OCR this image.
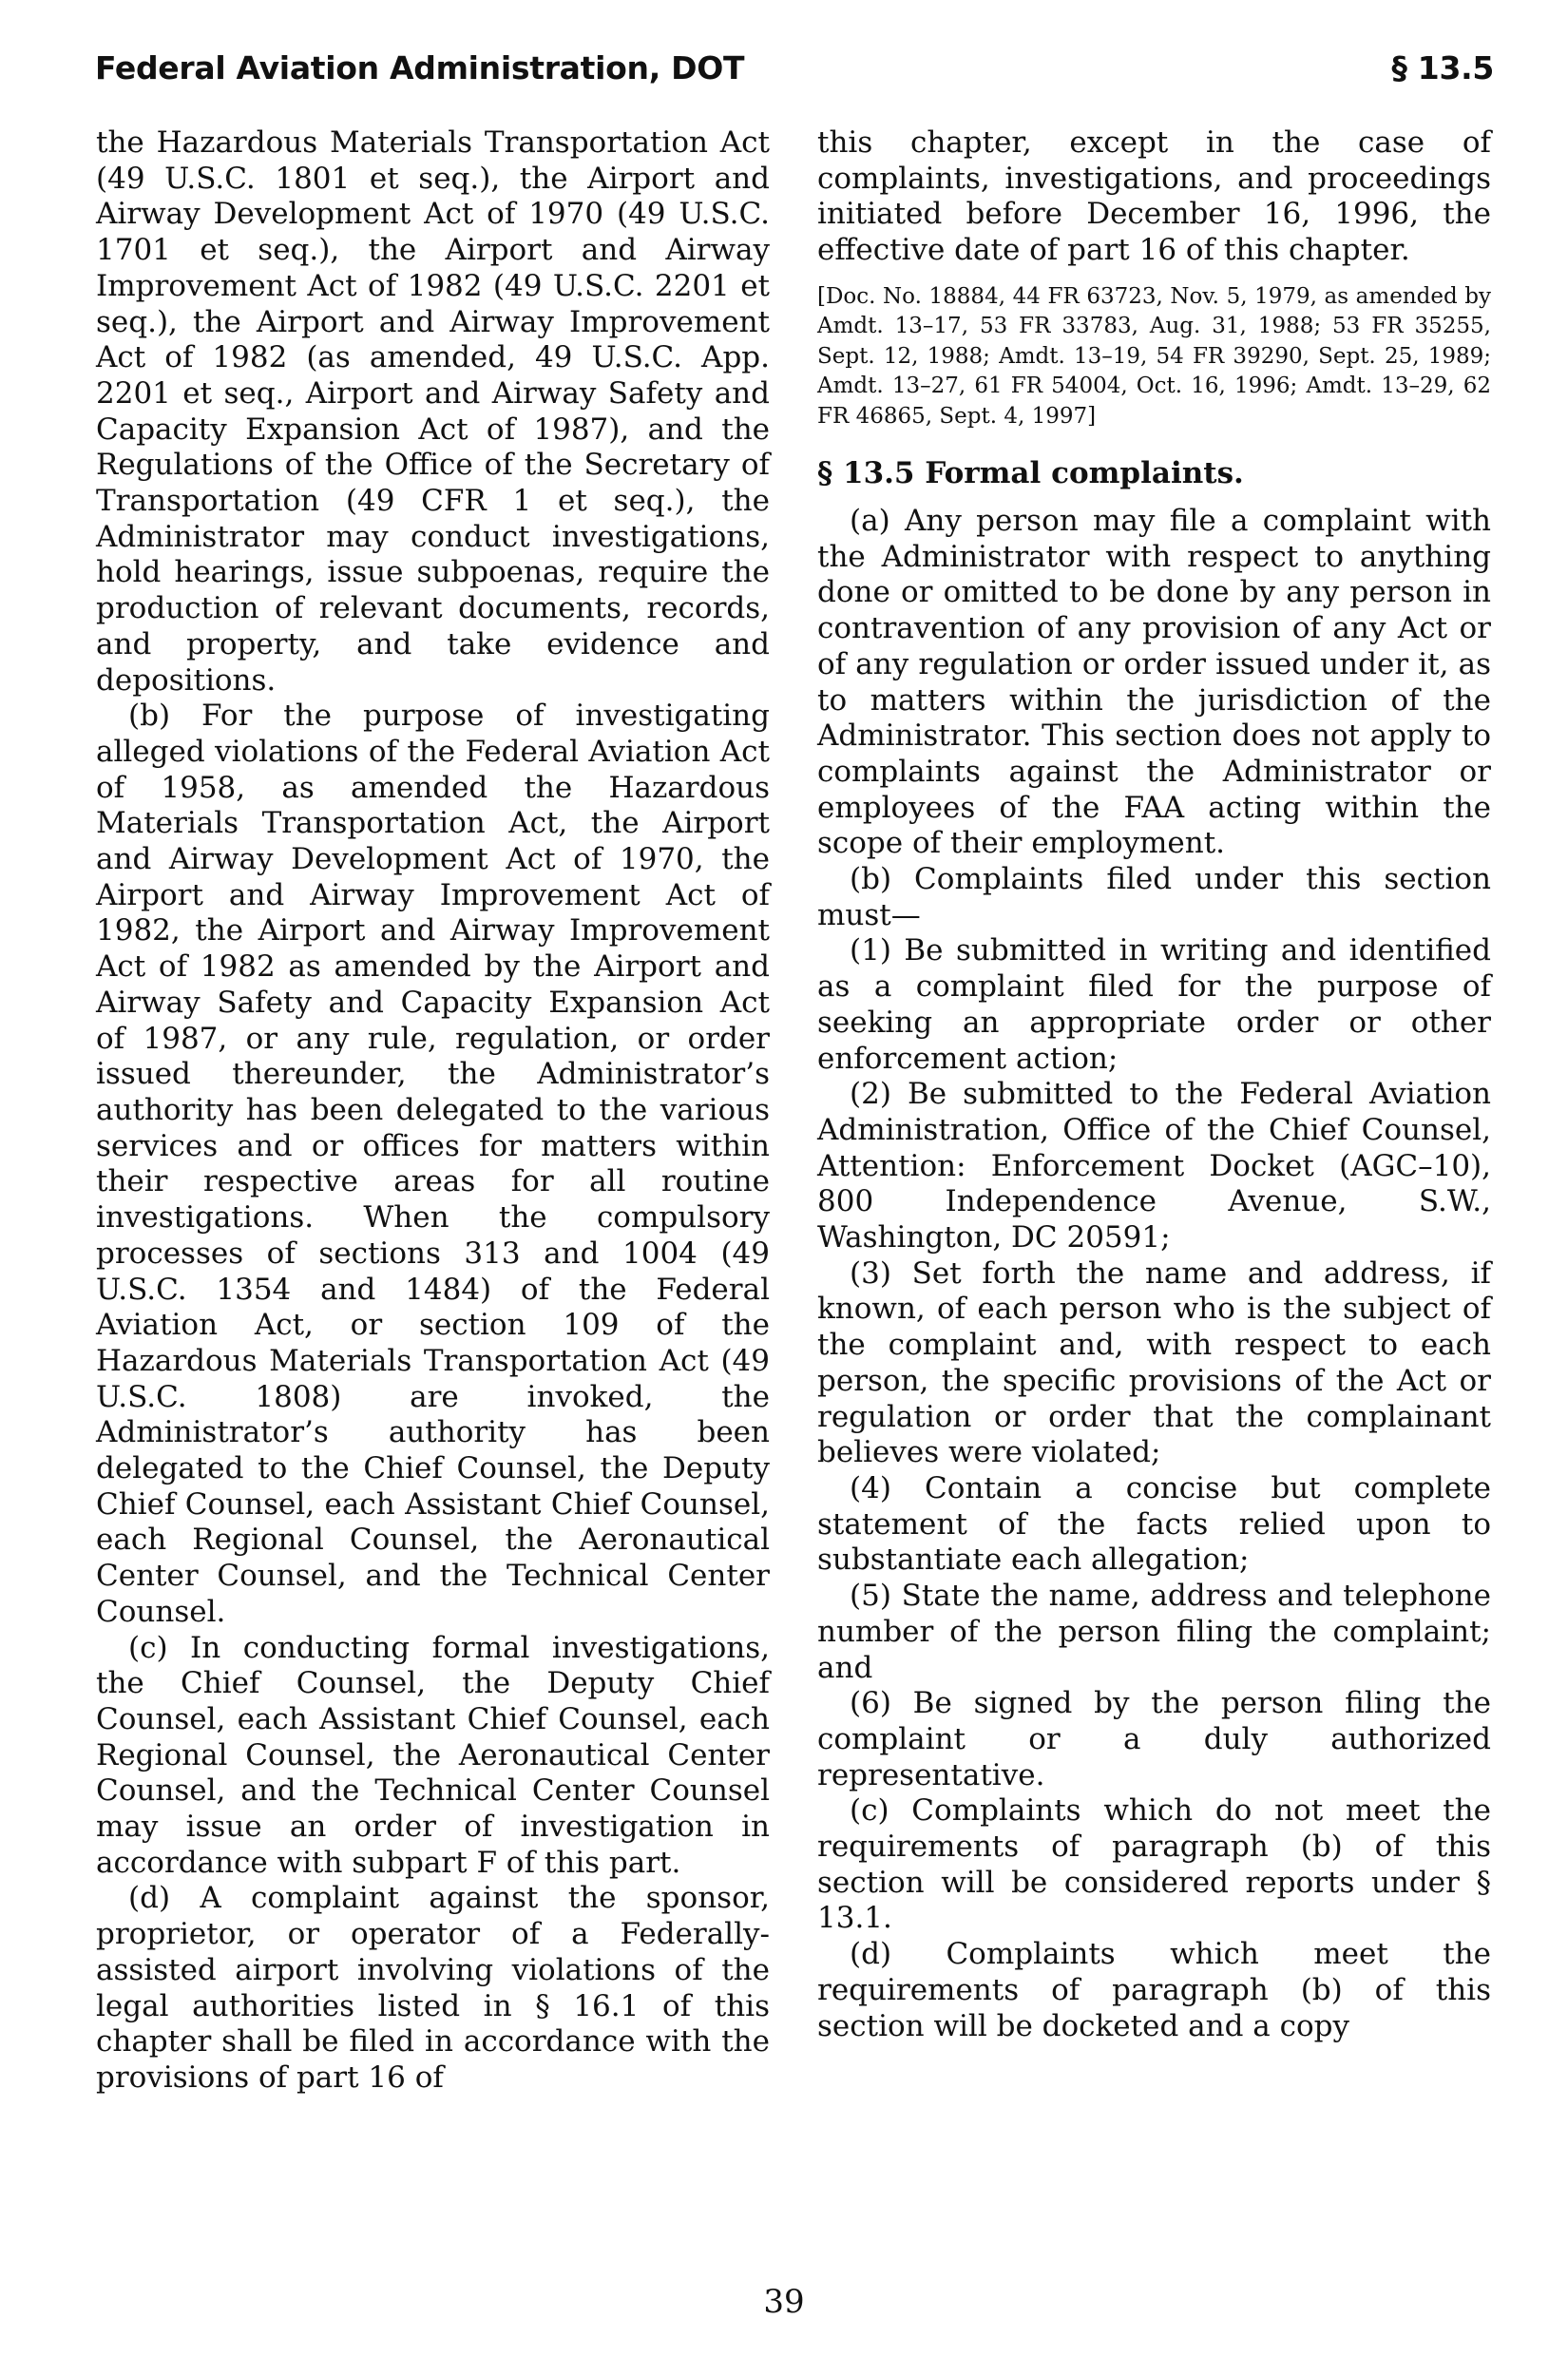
Federal Aviation Administration, DOT	§ 13.5

the Hazardous Materials Transportation Act (49 U.S.C. 1801 et seq.), the Airport and Airway Development Act of 1970 (49 U.S.C. 1701 et seq.), the Airport and Airway Improvement Act of 1982 (49 U.S.C. 2201 et seq.), the Airport and Airway Improvement Act of 1982 (as amended, 49 U.S.C. App. 2201 et seq., Airport and Airway Safety and Capacity Expansion Act of 1987), and the Regulations of the Office of the Secretary of Transportation (49 CFR 1 et seq.), the Administrator may conduct investigations, hold hearings, issue subpoenas, require the production of relevant documents, records, and property, and take evidence and depositions.

(b) For the purpose of investigating alleged violations of the Federal Aviation Act of 1958, as amended the Hazardous Materials Transportation Act, the Airport and Airway Development Act of 1970, the Airport and Airway Improvement Act of 1982, the Airport and Airway Improvement Act of 1982 as amended by the Airport and Airway Safety and Capacity Expansion Act of 1987, or any rule, regulation, or order issued thereunder, the Administrator’s authority has been delegated to the various services and or offices for matters within their respective areas for all routine investigations. When the compulsory processes of sections 313 and 1004 (49 U.S.C. 1354 and 1484) of the Federal Aviation Act, or section 109 of the Hazardous Materials Transportation Act (49 U.S.C. 1808) are invoked, the Administrator’s authority has been delegated to the Chief Counsel, the Deputy Chief Counsel, each Assistant Chief Counsel, each Regional Counsel, the Aeronautical Center Counsel, and the Technical Center Counsel.

(c) In conducting formal investigations, the Chief Counsel, the Deputy Chief Counsel, each Assistant Chief Counsel, each Regional Counsel, the Aeronautical Center Counsel, and the Technical Center Counsel may issue an order of investigation in accordance with subpart F of this part.

(d) A complaint against the sponsor, proprietor, or operator of a Federally-assisted airport involving violations of the legal authorities listed in § 16.1 of this chapter shall be filed in accordance with the provisions of part 16 of

this chapter, except in the case of complaints, investigations, and proceedings initiated before December 16, 1996, the effective date of part 16 of this chapter.

[Doc. No. 18884, 44 FR 63723, Nov. 5, 1979, as amended by Amdt. 13–17, 53 FR 33783, Aug. 31, 1988; 53 FR 35255, Sept. 12, 1988; Amdt. 13–19, 54 FR 39290, Sept. 25, 1989; Amdt. 13–27, 61 FR 54004, Oct. 16, 1996; Amdt. 13–29, 62 FR 46865, Sept. 4, 1997]

§ 13.5 Formal complaints.

(a) Any person may file a complaint with the Administrator with respect to anything done or omitted to be done by any person in contravention of any provision of any Act or of any regulation or order issued under it, as to matters within the jurisdiction of the Administrator. This section does not apply to complaints against the Administrator or employees of the FAA acting within the scope of their employment.

(b) Complaints filed under this section must—

(1) Be submitted in writing and identified as a complaint filed for the purpose of seeking an appropriate order or other enforcement action;

(2) Be submitted to the Federal Aviation Administration, Office of the Chief Counsel, Attention: Enforcement Docket (AGC–10), 800 Independence Avenue, S.W., Washington, DC 20591;

(3) Set forth the name and address, if known, of each person who is the subject of the complaint and, with respect to each person, the specific provisions of the Act or regulation or order that the complainant believes were violated;

(4) Contain a concise but complete statement of the facts relied upon to substantiate each allegation;

(5) State the name, address and telephone number of the person filing the complaint; and

(6) Be signed by the person filing the complaint or a duly authorized representative.

(c) Complaints which do not meet the requirements of paragraph (b) of this section will be considered reports under § 13.1.

(d) Complaints which meet the requirements of paragraph (b) of this section will be docketed and a copy

39
